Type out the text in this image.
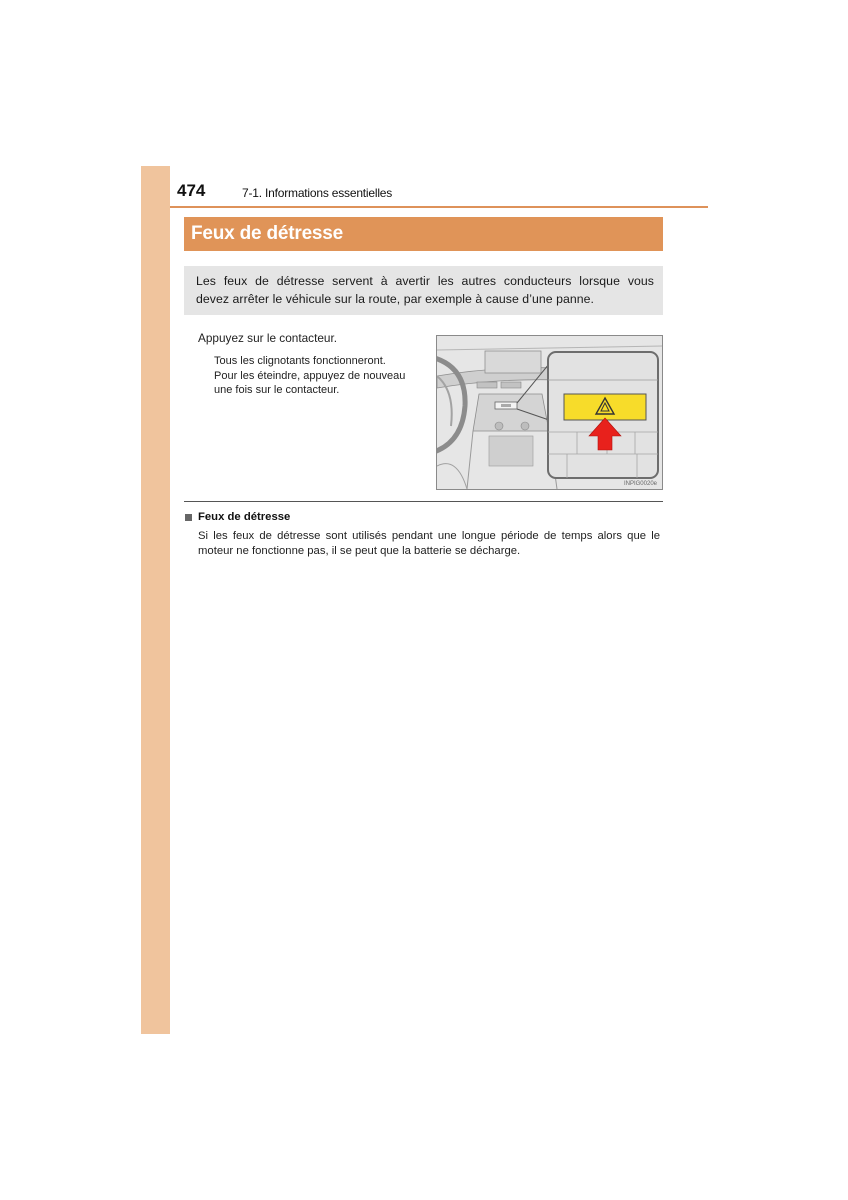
474	7-1. Informations essentielles
Feux de détresse
Les feux de détresse servent à avertir les autres conducteurs lorsque vous
devez arrêter le véhicule sur la route, par exemple à cause d’une panne.
Appuyez sur le contacteur.
Tous les clignotants fonctionneront.
Pour les éteindre, appuyez de nouveau
une fois sur le contacteur.
INPIG0020e
Feux de détresse
Si les feux de détresse sont utilisés pendant une longue période de temps alors que le
moteur ne fonctionne pas, il se peut que la batterie se décharge.
